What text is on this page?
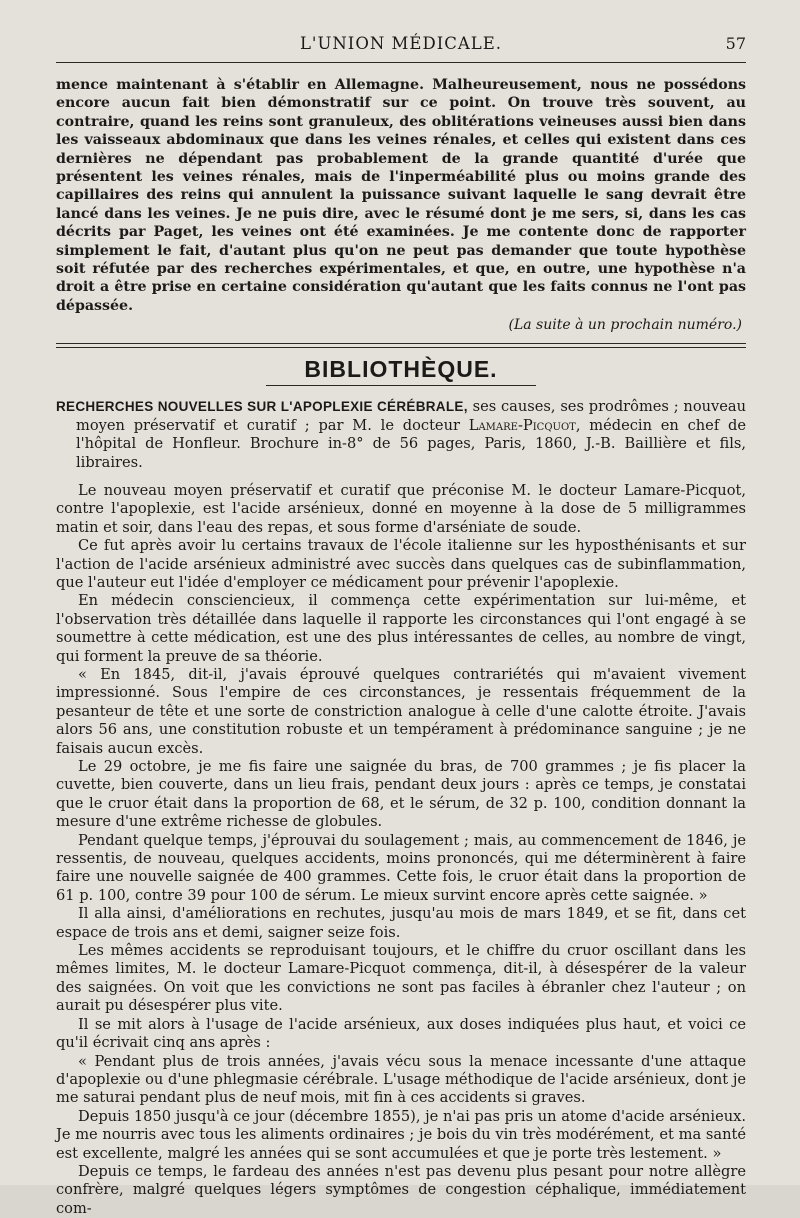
L'UNION MÉDICALE.	57

mence maintenant à s'établir en Allemagne. Malheureusement, nous ne possédons encore aucun fait bien démonstratif sur ce point. On trouve très souvent, au contraire, quand les reins sont granuleux, des oblitérations veineuses aussi bien dans les vaisseaux abdominaux que dans les veines rénales, et celles qui existent dans ces dernières ne dépendant pas probablement de la grande quantité d'urée que présentent les veines rénales, mais de l'inperméabilité plus ou moins grande des capillaires des reins qui annulent la puissance suivant laquelle le sang devrait être lancé dans les veines. Je ne puis dire, avec le résumé dont je me sers, si, dans les cas décrits par Paget, les veines ont été examinées. Je me contente donc de rapporter simplement le fait, d'autant plus qu'on ne peut pas demander que toute hypothèse soit réfutée par des recherches expérimentales, et que, en outre, une hypothèse n'a droit a être prise en certaine considération qu'autant que les faits connus ne l'ont pas dépassée.

(La suite à un prochain numéro.)
BIBLIOTHÈQUE.
RECHERCHES NOUVELLES SUR L'APOPLEXIE CÉRÉBRALE, ses causes, ses prodrômes ; nouveau moyen préservatif et curatif ; par M. le docteur Lamare-Picquot, médecin en chef de l'hôpital de Honfleur. Brochure in-8° de 56 pages, Paris, 1860, J.-B. Baillière et fils, libraires.

Le nouveau moyen préservatif et curatif que préconise M. le docteur Lamare-Picquot, contre l'apoplexie, est l'acide arsénieux, donné en moyenne à la dose de 5 milligrammes matin et soir, dans l'eau des repas, et sous forme d'arséniate de soude.

Ce fut après avoir lu certains travaux de l'école italienne sur les hyposthénisants et sur l'action de l'acide arsénieux administré avec succès dans quelques cas de subinflammation, que l'auteur eut l'idée d'employer ce médicament pour prévenir l'apoplexie.

En médecin consciencieux, il commença cette expérimentation sur lui-même, et l'observation très détaillée dans laquelle il rapporte les circonstances qui l'ont engagé à se soumettre à cette médication, est une des plus intéressantes de celles, au nombre de vingt, qui forment la preuve de sa théorie.

« En 1845, dit-il, j'avais éprouvé quelques contrariétés qui m'avaient vivement impressionné. Sous l'empire de ces circonstances, je ressentais fréquemment de la pesanteur de tête et une sorte de constriction analogue à celle d'une calotte étroite. J'avais alors 56 ans, une constitution robuste et un tempérament à prédominance sanguine ; je ne faisais aucun excès.

Le 29 octobre, je me fis faire une saignée du bras, de 700 grammes ; je fis placer la cuvette, bien couverte, dans un lieu frais, pendant deux jours : après ce temps, je constatai que le cruor était dans la proportion de 68, et le sérum, de 32 p. 100, condition donnant la mesure d'une extrême richesse de globules.

Pendant quelque temps, j'éprouvai du soulagement ; mais, au commencement de 1846, je ressentis, de nouveau, quelques accidents, moins prononcés, qui me déterminèrent à faire faire une nouvelle saignée de 400 grammes. Cette fois, le cruor était dans la proportion de 61 p. 100, contre 39 pour 100 de sérum. Le mieux survint encore après cette saignée. »

Il alla ainsi, d'améliorations en rechutes, jusqu'au mois de mars 1849, et se fit, dans cet espace de trois ans et demi, saigner seize fois.

Les mêmes accidents se reproduisant toujours, et le chiffre du cruor oscillant dans les mêmes limites, M. le docteur Lamare-Picquot commença, dit-il, à désespérer de la valeur des saignées. On voit que les convictions ne sont pas faciles à ébranler chez l'auteur ; on aurait pu désespérer plus vite.

Il se mit alors à l'usage de l'acide arsénieux, aux doses indiquées plus haut, et voici ce qu'il écrivait cinq ans après :

« Pendant plus de trois années, j'avais vécu sous la menace incessante d'une attaque d'apoplexie ou d'une phlegmasie cérébrale. L'usage méthodique de l'acide arsénieux, dont je me saturai pendant plus de neuf mois, mit fin à ces accidents si graves.

Depuis 1850 jusqu'à ce jour (décembre 1855), je n'ai pas pris un atome d'acide arsénieux. Je me nourris avec tous les aliments ordinaires ; je bois du vin très modérément, et ma santé est excellente, malgré les années qui se sont accumulées et que je porte très lestement. »

Depuis ce temps, le fardeau des années n'est pas devenu plus pesant pour notre allègre confrère, malgré quelques légers symptômes de congestion céphalique, immédiatement com-
